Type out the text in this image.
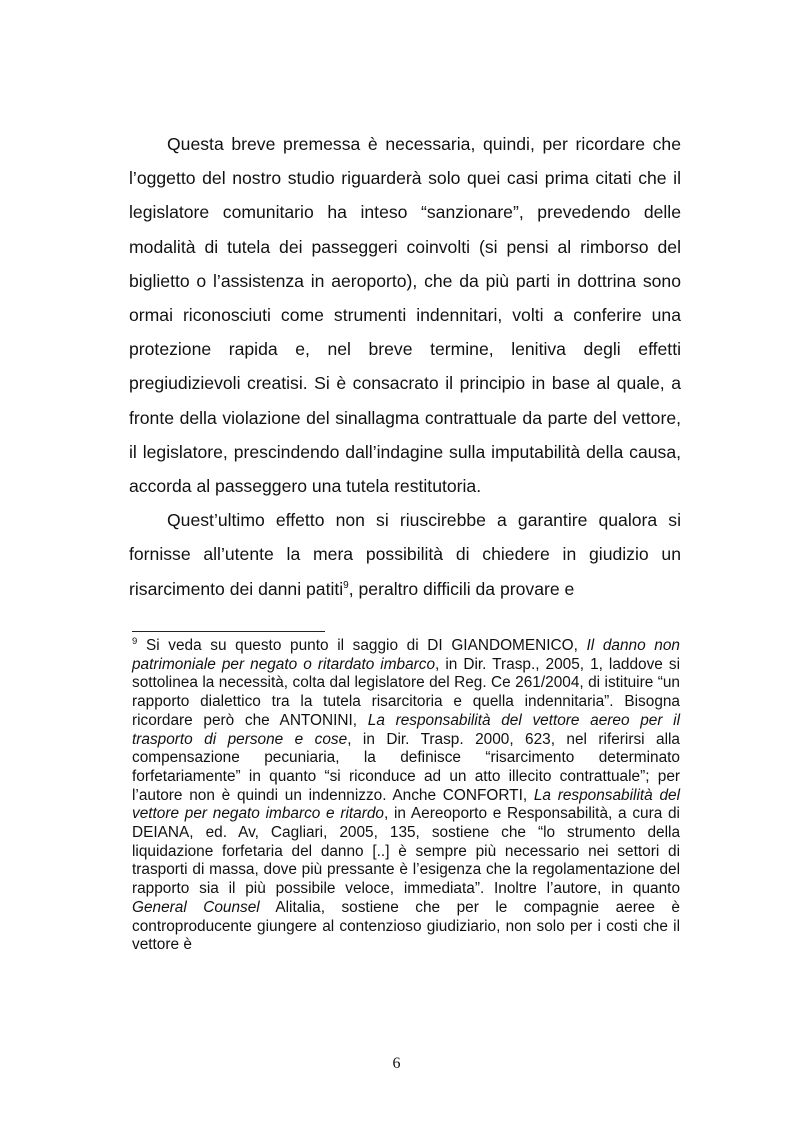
Questa breve premessa è necessaria, quindi, per ricordare che l’oggetto del nostro studio riguarderà solo quei casi prima citati che il legislatore comunitario ha inteso “sanzionare”, prevedendo delle modalità di tutela dei passeggeri coinvolti (si pensi al rimborso del biglietto o l’assistenza in aeroporto), che da più parti in dottrina sono ormai riconosciuti come strumenti indennitari, volti a conferire una protezione rapida e, nel breve termine, lenitiva degli effetti pregiudizievoli creatisi. Si è consacrato il principio in base al quale, a fronte della violazione del sinallagma contrattuale da parte del vettore, il legislatore, prescindendo dall’indagine sulla imputabilità della causa, accorda al passeggero una tutela restitutoria.

Quest’ultimo effetto non si riuscirebbe a garantire qualora si fornisse all’utente la mera possibilità di chiedere in giudizio un risarcimento dei danni patiti$^9$, peraltro difficili da provare e

$^9$ Si veda su questo punto il saggio di DI GIANDOMENICO, Il danno non patrimoniale per negato o ritardato imbarco, in Dir. Trasp., 2005, 1, laddove si sottolinea la necessità, colta dal legislatore del Reg. Ce 261/2004, di istituire “un rapporto dialettico tra la tutela risarcitoria e quella indennitaria”. Bisogna ricordare però che ANTONINI, La responsabilità del vettore aereo per il trasporto di persone e cose, in Dir. Trasp. 2000, 623, nel riferirsi alla compensazione pecuniaria, la definisce “risarcimento determinato forfetariamente” in quanto “si riconduce ad un atto illecito contrattuale”; per l’autore non è quindi un indennizzo. Anche CONFORTI, La responsabilità del vettore per negato imbarco e ritardo, in Aereoporto e Responsabilità, a cura di DEIANA, ed. Av, Cagliari, 2005, 135, sostiene che “lo strumento della liquidazione forfetaria del danno [..] è sempre più necessario nei settori di trasporti di massa, dove più pressante è l’esigenza che la regolamentazione del rapporto sia il più possibile veloce, immediata”. Inoltre l’autore, in quanto General Counsel Alitalia, sostiene che per le compagnie aeree è controproducente giungere al contenzioso giudiziario, non solo per i costi che il vettore è
6
